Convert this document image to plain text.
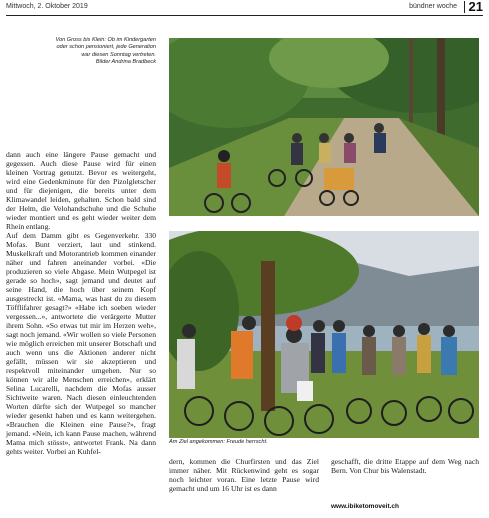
Mittwoch, 2. Oktober 2019	bündner woche 21
Von Gross bis Klein: Ob im Kindergarten
oder schon pensioniert, jede Generation
war diesen Sonntag vertreten.
Bilder Andrina Bradbeck
Am Ziel angekommen: Freude herrscht.

dann auch eine längere Pause gemacht und gegessen. Auch diese Pause wird für einen kleinen Vortrag genutzt. Bevor es weitergeht, wird eine Gedenkminute für den Pizolgletscher und für diejenigen, die bereits unter dem Klimawandel leiden, gehalten. Schon bald sind der Helm, die Velohandschuhe und die Schuhe wieder montiert und es geht wieder weiter dem Rhein entlang.

Auf dem Damm gibt es Gegenverkehr. 330 Mofas. Bunt verziert, laut und stinkend. Muskelkraft und Motorantrieb kommen einander näher und fahren aneinander vorbei. «Die produzieren so viele Abgase. Mein Wutpegel ist gerade so hoch», sagt jemand und deutet auf seine Hand, die hoch über seinem Kopf ausgestreckt ist. «Mama, was hast du zu diesem Töfflifahrer gesagt?» «Habe ich soeben wieder vergessen...», antwortete die verärgerte Mutter ihrem Sohn. «So etwas tut mir im Herzen weh», sagt noch jemand. «Wir wollen so viele Personen wie möglich erreichen mit unserer Botschaft und auch wenn uns die Aktionen anderer nicht gefällt, müssen wir sie akzeptieren und respektvoll miteinander umgehen. Nur so können wir alle Menschen erreichen», erklärt Selina Lucarelli, nachdem die Mofas ausser Sichtweite waren. Nach diesen einleuchtenden Worten dürfte sich der Wutpegel so mancher wieder gesenkt haben und es kann weitergehen. «Brauchen die Kleinen eine Pause?», fragt jemand. «Nein, ich kann Pause machen, während Mama mich stösst», antwortet Frank. Na dann gehts weiter. Vorbei an Kuhfel-

dern, kommen die Churfirsten und das Ziel immer näher. Mit Rückenwind geht es sogar noch leichter voran. Eine letzte Pause wird gemacht und um 16 Uhr ist es dann

geschafft, die dritte Etappe auf dem Weg nach Bern. Von Chur bis Walenstadt.

www.ibiketomoveit.ch
